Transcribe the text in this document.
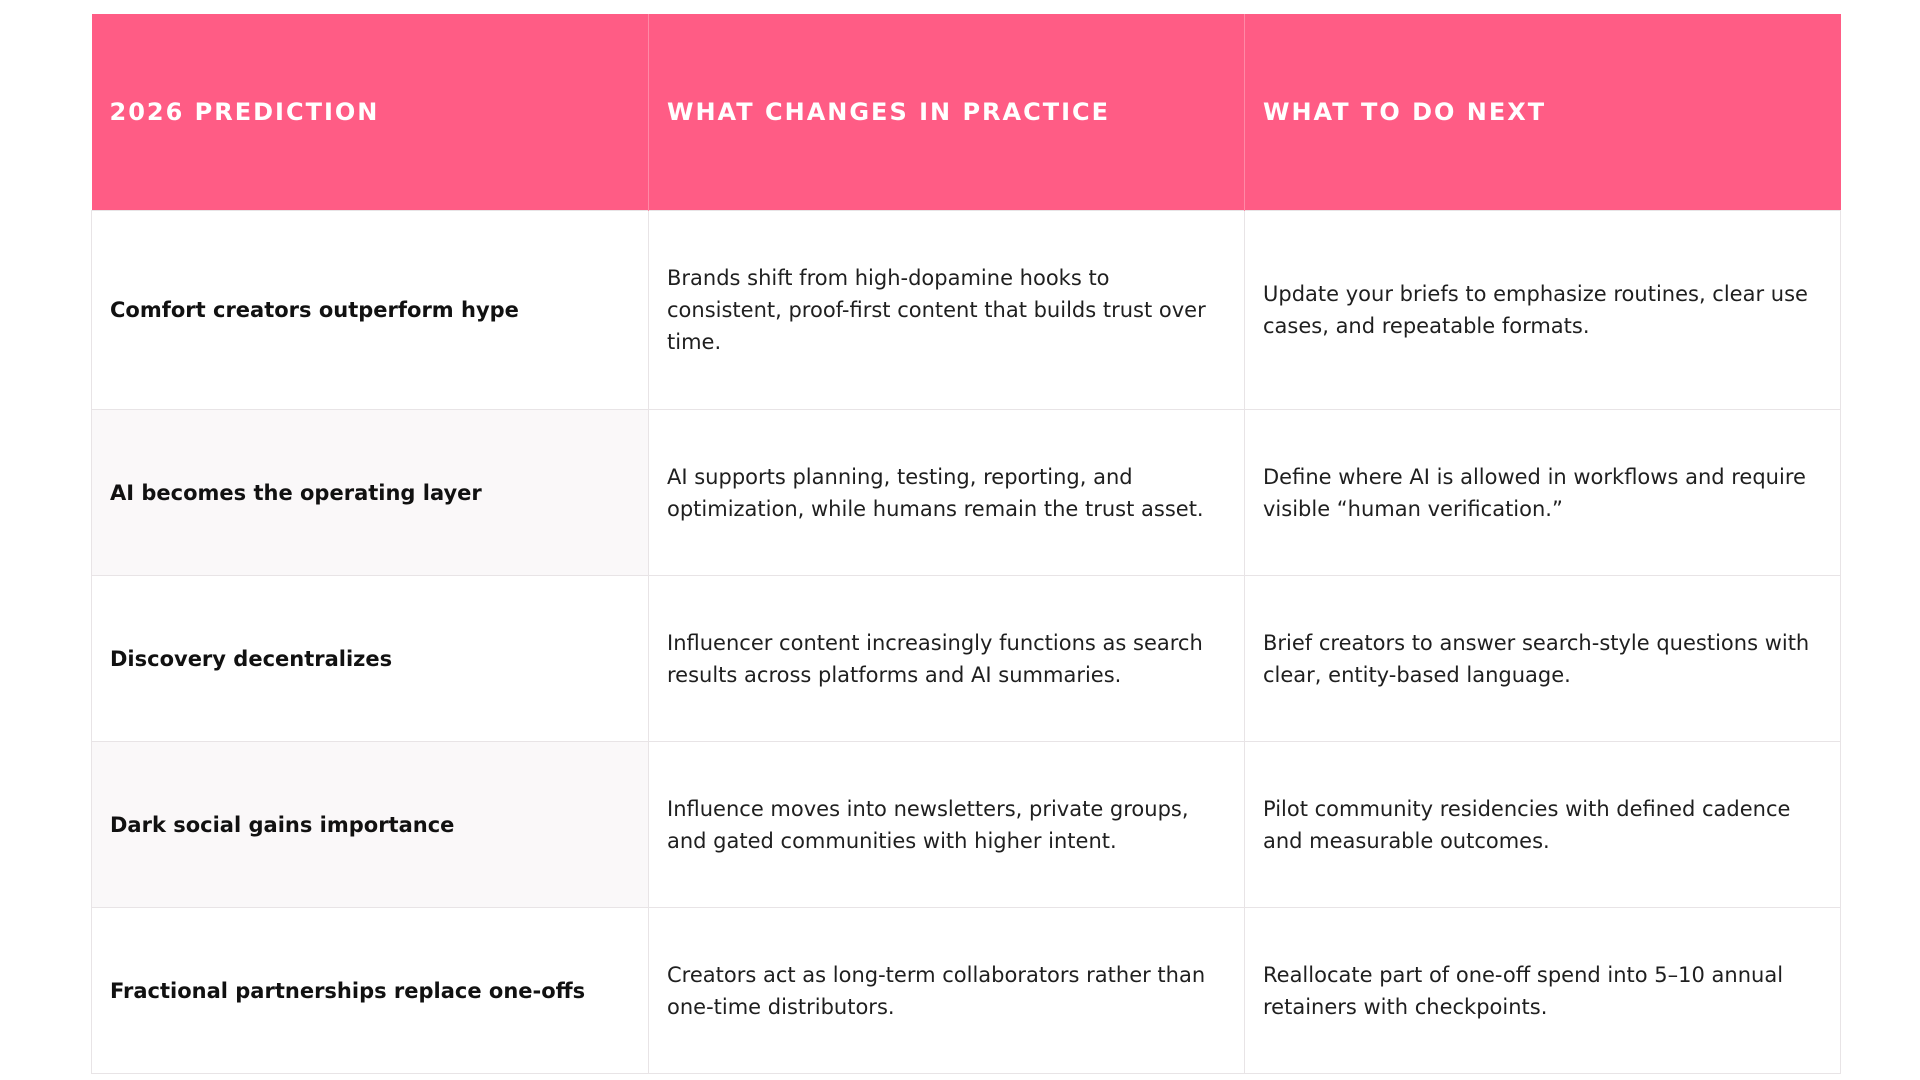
2026 PREDICTION	WHAT CHANGES IN PRACTICE	WHAT TO DO NEXT
Comfort creators outperform hype	Brands shift from high-dopamine hooks to consistent, proof-first content that builds trust over time.	Update your briefs to emphasize routines, clear use cases, and repeatable formats.
AI becomes the operating layer	AI supports planning, testing, reporting, and optimization, while humans remain the trust asset.	Define where AI is allowed in workflows and require visible “human verification.”
Discovery decentralizes	Influencer content increasingly functions as search results across platforms and AI summaries.	Brief creators to answer search-style questions with clear, entity-based language.
Dark social gains importance	Influence moves into newsletters, private groups, and gated communities with higher intent.	Pilot community residencies with defined cadence and measurable outcomes.
Fractional partnerships replace one-offs	Creators act as long-term collaborators rather than one-time distributors.	Reallocate part of one-off spend into 5–10 annual retainers with checkpoints.
